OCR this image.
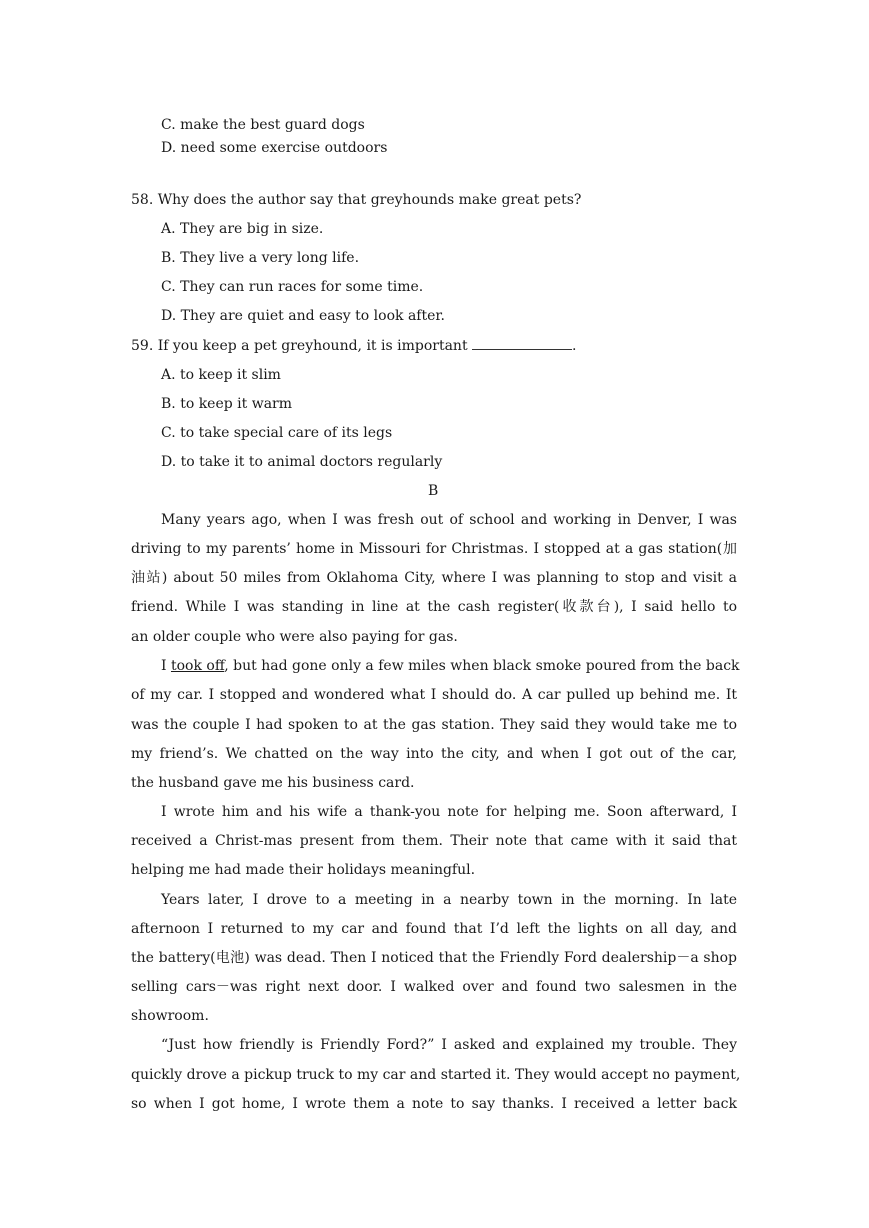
C. make the best guard dogs
D. need some exercise outdoors
58. Why does the author say that greyhounds make great pets?
A. They are big in size.
B. They live a very long life.
C. They can run races for some time.
D. They are quiet and easy to look after.
59. If you keep a pet greyhound, it is important	.
A. to keep it slim
B. to keep it warm
C. to take special care of its legs
D. to take it to animal doctors regularly
B
Many years ago, when I was fresh out of school and working in Denver, I was
driving to my parents’ home in Missouri for Christmas. I stopped at a gas station(加
油站) about 50 miles from Oklahoma City, where I was planning to stop and visit a
friend. While I was standing in line at the cash register(收款台), I said hello to
an older couple who were also paying for gas.
I took off, but had gone only a few miles when black smoke poured from the back
of my car. I stopped and wondered what I should do. A car pulled up behind me. It
was the couple I had spoken to at the gas station. They said they would take me to
my friend’s. We chatted on the way into the city, and when I got out of the car,
the husband gave me his business card.
I wrote him and his wife a thank-you note for helping me. Soon afterward, I
received a Christ-mas present from them. Their note that came with it said that
helping me had made their holidays meaningful.
Years later, I drove to a meeting in a nearby town in the morning. In late
afternoon I returned to my car and found that I’d left the lights on all day, and
the battery(电池) was dead. Then I noticed that the Friendly Ford dealership－a shop
selling cars－was right next door. I walked over and found two salesmen in the
showroom.
“Just how friendly is Friendly Ford?” I asked and explained my trouble. They
quickly drove a pickup truck to my car and started it. They would accept no payment,
so when I got home, I wrote them a note to say thanks. I received a letter back
